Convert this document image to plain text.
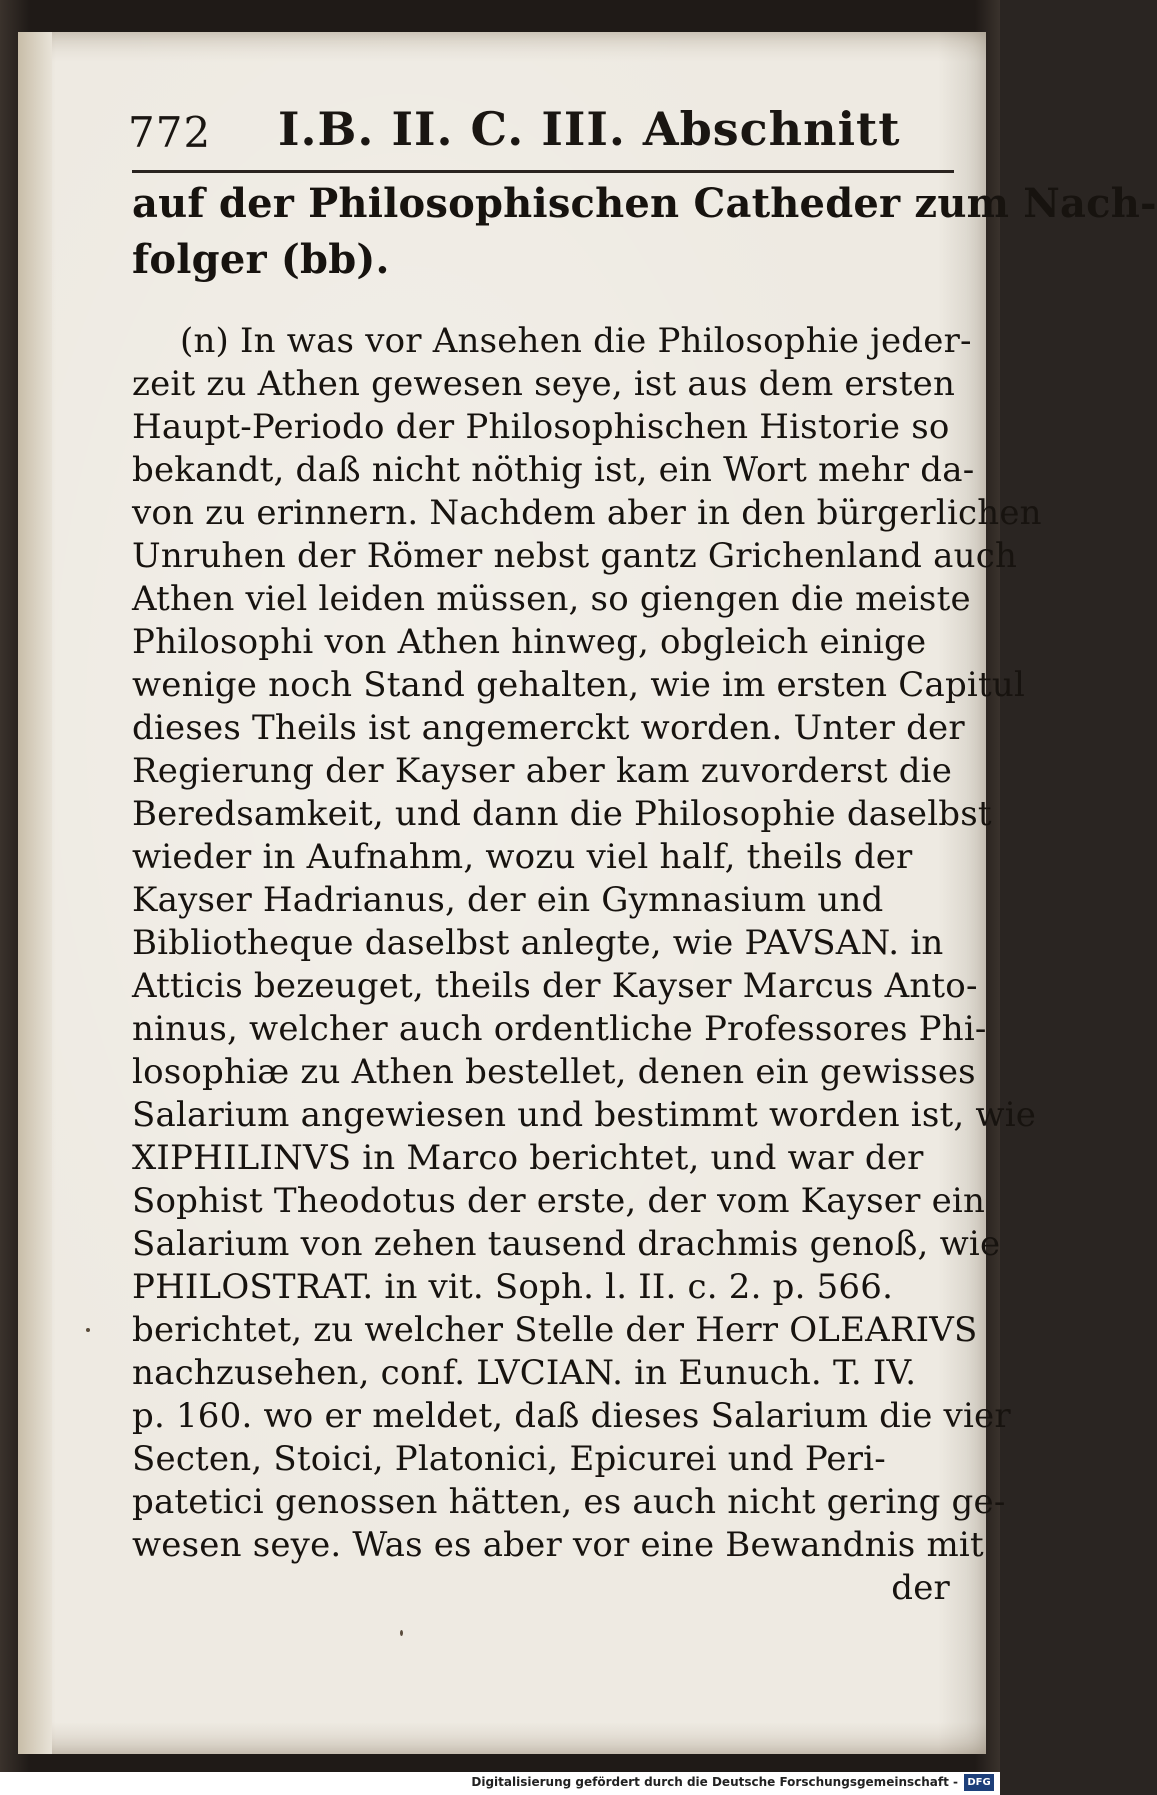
772 I.B. II. C. III. Abschnitt
auf der Philosophischen Catheder zum Nach-
folger (bb).
(n) In was vor Ansehen die Philosophie jeder-
zeit zu Athen gewesen seye, ist aus dem ersten
Haupt-Periodo der Philosophischen Historie so
bekandt, daß nicht nöthig ist, ein Wort mehr da-
von zu erinnern. Nachdem aber in den bürgerlichen
Unruhen der Römer nebst gantz Grichenland auch
Athen viel leiden müssen, so giengen die meiste
Philosophi von Athen hinweg, obgleich einige
wenige noch Stand gehalten, wie im ersten Capitul
dieses Theils ist angemerckt worden. Unter der
Regierung der Kayser aber kam zuvorderst die
Beredsamkeit, und dann die Philosophie daselbst
wieder in Aufnahm, wozu viel half, theils der
Kayser Hadrianus, der ein Gymnasium und
Bibliotheque daselbst anlegte, wie PAVSAN. in
Atticis bezeuget, theils der Kayser Marcus Anto-
ninus, welcher auch ordentliche Professores Phi-
losophiæ zu Athen bestellet, denen ein gewisses
Salarium angewiesen und bestimmt worden ist, wie
XIPHILINVS in Marco berichtet, und war der
Sophist Theodotus der erste, der vom Kayser ein
Salarium von zehen tausend drachmis genoß, wie
PHILOSTRAT. in vit. Soph. l. II. c. 2. p. 566.
berichtet, zu welcher Stelle der Herr OLEARIVS
nachzusehen, conf. LVCIAN. in Eunuch. T. IV.
p. 160. wo er meldet, daß dieses Salarium die vier
Secten, Stoici, Platonici, Epicurei und Peri-
patetici genossen hätten, es auch nicht gering ge-
wesen seye. Was es aber vor eine Bewandnis mit
der
Digitalisierung gefördert durch die Deutsche Forschungsgemeinschaft - DFG
